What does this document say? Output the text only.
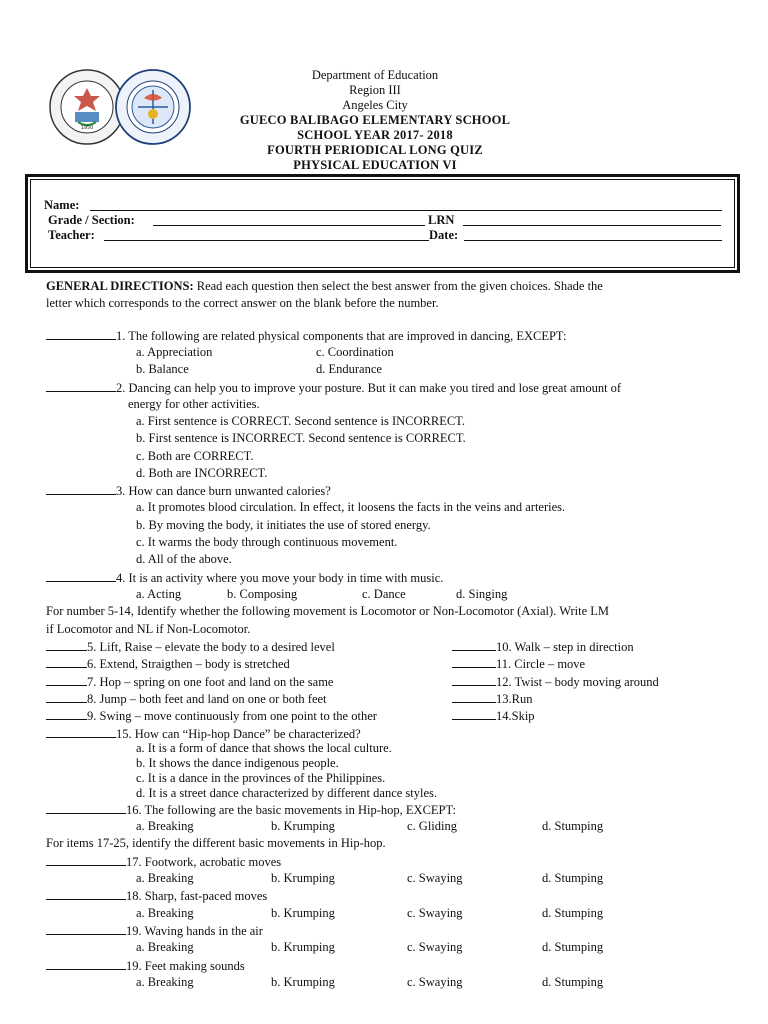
1950
Department of Education
Region III
Angeles City
GUECO BALIBAGO ELEMENTARY SCHOOL
SCHOOL YEAR 2017- 2018
FOURTH PERIODICAL LONG QUIZ
PHYSICAL EDUCATION VI
Name:
Grade / Section:	LRN
Teacher:	Date:
GENERAL DIRECTIONS: Read each question then select the best answer from the given choices. Shade the
letter which corresponds to the correct answer on the blank before the number.
1. The following are related physical components that are improved in dancing, EXCEPT:
a. Appreciation	c. Coordination
b. Balance	d. Endurance
2. Dancing can help you to improve your posture. But it can make you tired and lose great amount of
energy for other activities.
a. First sentence is CORRECT. Second sentence is INCORRECT.
b. First sentence is INCORRECT. Second sentence is CORRECT.
c. Both are CORRECT.
d. Both are INCORRECT.
3. How can dance burn unwanted calories?
a. It promotes blood circulation. In effect, it loosens the facts in the veins and arteries.
b. By moving the body, it initiates the use of stored energy.
c. It warms the body through continuous movement.
d. All of the above.
4. It is an activity where you move your body in time with music.
a. Acting	b. Composing	c. Dance	d. Singing
For number 5-14, Identify whether the following movement is Locomotor or Non-Locomotor (Axial). Write LM
if Locomotor and NL if Non-Locomotor.
5. Lift, Raise – elevate the body to a desired level
6. Extend, Straigthen – body is stretched
7. Hop – spring on one foot and land on the same
8. Jump – both feet and land on one or both feet
9. Swing – move continuously from one point to the other
10. Walk – step in direction
11. Circle – move
12. Twist – body moving around
13.Run
14.Skip
15. How can “Hip-hop Dance” be characterized?
a. It is a form of dance that shows the local culture.
b. It shows the dance indigenous people.
c. It is a dance in the provinces of the Philippines.
d. It is a street dance characterized by different dance styles.
16. The following are the basic movements in Hip-hop, EXCEPT:
a. Breaking	b. Krumping	c. Gliding	d. Stumping
For items 17-25, identify the different basic movements in Hip-hop.
17. Footwork, acrobatic moves
a. Breaking	b. Krumping	c. Swaying	d. Stumping
18. Sharp, fast-paced moves
a. Breaking	b. Krumping	c. Swaying	d. Stumping
19. Waving hands in the air
a. Breaking	b. Krumping	c. Swaying	d. Stumping
19. Feet making sounds
a. Breaking	b. Krumping	c. Swaying	d. Stumping
